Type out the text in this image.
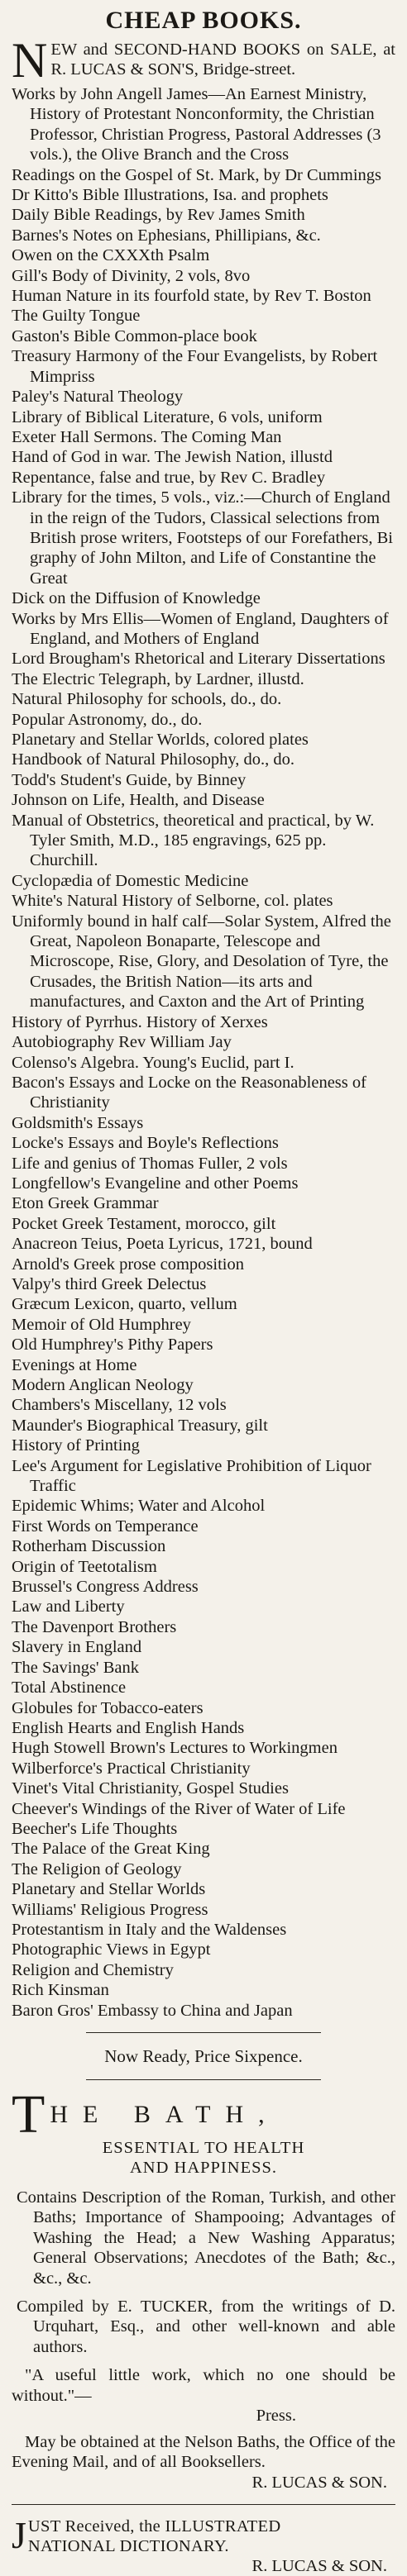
CHEAP BOOKS.

NEW and SECOND-HAND BOOKS on SALE, at R. LUCAS & SON'S, Bridge-street.

Works by John Angell James—An Earnest Ministry, History of Protestant Nonconformity, the Christian Professor, Christian Progress, Pastoral Addresses (3 vols.), the Olive Branch and the Cross
Readings on the Gospel of St. Mark, by Dr Cummings
Dr Kitto's Bible Illustrations, Isa. and prophets
Daily Bible Readings, by Rev James Smith
Barnes's Notes on Ephesians, Phillipians, &c.
Owen on the CXXXth Psalm
Gill's Body of Divinity, 2 vols, 8vo
Human Nature in its fourfold state, by Rev T. Boston
The Guilty Tongue
Gaston's Bible Common-place book
Treasury Harmony of the Four Evangelists, by Robert Mimpriss
Paley's Natural Theology
Library of Biblical Literature, 6 vols, uniform
Exeter Hall Sermons. The Coming Man
Hand of God in war. The Jewish Nation, illustd
Repentance, false and true, by Rev C. Bradley
Library for the times, 5 vols., viz.:—Church of England in the reign of the Tudors, Classical selections from British prose writers, Footsteps of our Forefathers, Bi graphy of John Milton, and Life of Constantine the Great
Dick on the Diffusion of Knowledge
Works by Mrs Ellis—Women of England, Daughters of England, and Mothers of England
Lord Brougham's Rhetorical and Literary Dissertations
The Electric Telegraph, by Lardner, illustd.
Natural Philosophy for schools, do., do.
Popular Astronomy, do., do.
Planetary and Stellar Worlds, colored plates
Handbook of Natural Philosophy, do., do.
Todd's Student's Guide, by Binney
Johnson on Life, Health, and Disease
Manual of Obstetrics, theoretical and practical, by W. Tyler Smith, M.D., 185 engravings, 625 pp. Churchill.
Cyclopædia of Domestic Medicine
White's Natural History of Selborne, col. plates
Uniformly bound in half calf—Solar System, Alfred the Great, Napoleon Bonaparte, Telescope and Microscope, Rise, Glory, and Desolation of Tyre, the Crusades, the British Nation—its arts and manufactures, and Caxton and the Art of Printing
History of Pyrrhus. History of Xerxes
Autobiography Rev William Jay
Colenso's Algebra. Young's Euclid, part I.
Bacon's Essays and Locke on the Reasonableness of Christianity
Goldsmith's Essays
Locke's Essays and Boyle's Reflections
Life and genius of Thomas Fuller, 2 vols
Longfellow's Evangeline and other Poems
Eton Greek Grammar
Pocket Greek Testament, morocco, gilt
Anacreon Teius, Poeta Lyricus, 1721, bound
Arnold's Greek prose composition
Valpy's third Greek Delectus
Græcum Lexicon, quarto, vellum
Memoir of Old Humphrey
Old Humphrey's Pithy Papers
Evenings at Home
Modern Anglican Neology
Chambers's Miscellany, 12 vols
Maunder's Biographical Treasury, gilt
History of Printing
Lee's Argument for Legislative Prohibition of Liquor Traffic
Epidemic Whims; Water and Alcohol
First Words on Temperance
Rotherham Discussion
Origin of Teetotalism
Brussel's Congress Address
Law and Liberty
The Davenport Brothers
Slavery in England
The Savings' Bank
Total Abstinence
Globules for Tobacco-eaters
English Hearts and English Hands
Hugh Stowell Brown's Lectures to Workingmen
Wilberforce's Practical Christianity
Vinet's Vital Christianity, Gospel Studies
Cheever's Windings of the River of Water of Life
Beecher's Life Thoughts
The Palace of the Great King
The Religion of Geology
Planetary and Stellar Worlds
Williams' Religious Progress
Protestantism in Italy and the Waldenses
Photographic Views in Egypt
Religion and Chemistry
Rich Kinsman
Baron Gros' Embassy to China and Japan

Now Ready, Price Sixpence.

T HE BATH,

ESSENTIAL TO HEALTH

AND HAPPINESS.

Contains Description of the Roman, Turkish, and other Baths; Importance of Shampooing; Advantages of Washing the Head; a New Washing Apparatus; General Observations; Anecdotes of the Bath; &c., &c., &c.

Compiled by E. TUCKER, from the writings of D. Urquhart, Esq., and other well-known and able authors.

"A useful little work, which no one should be without."—

Press.

May be obtained at the Nelson Baths, the Office of the Evening Mail, and of all Booksellers.

R. LUCAS & SON.

J UST Received, the ILLUSTRATED
NATIONAL DICTIONARY.

R. LUCAS & SON.
